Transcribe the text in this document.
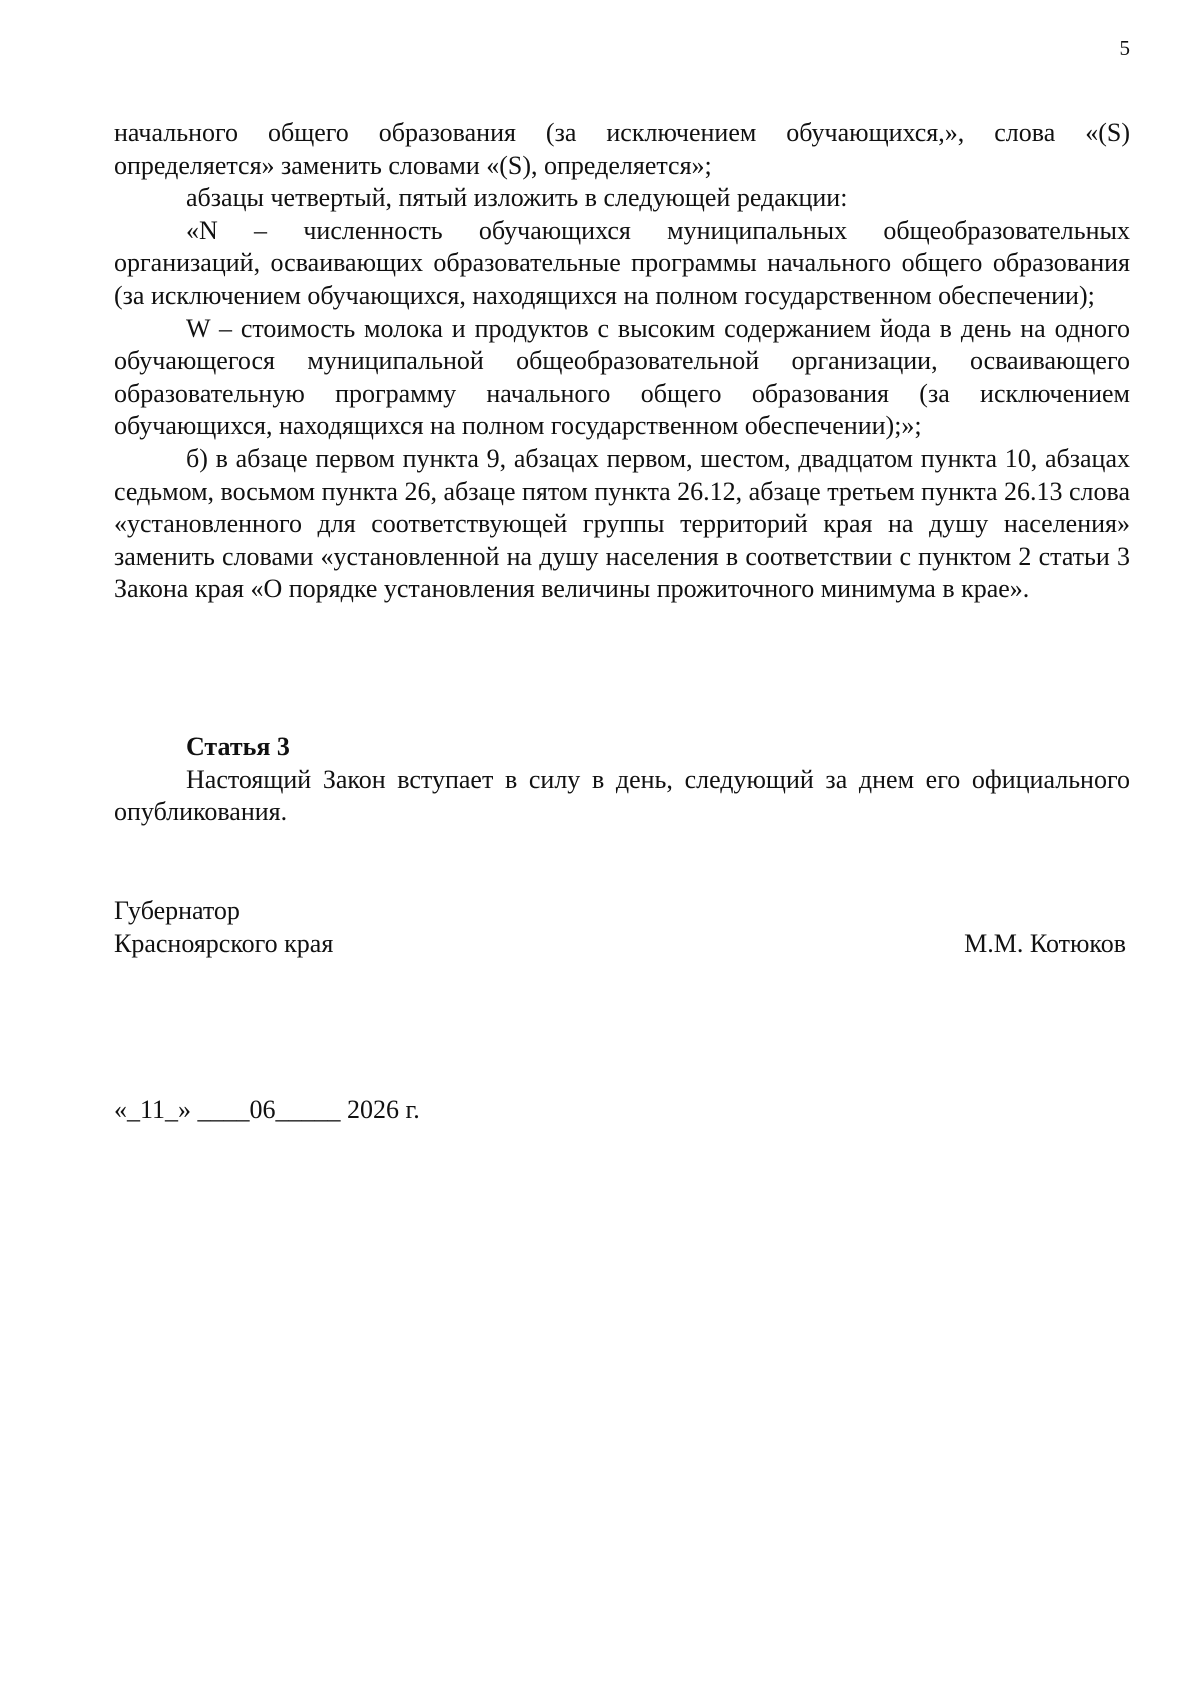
5

начального общего образования (за исключением обучающихся,», слова «(S) определяется» заменить словами «(S), определяется»;

абзацы четвертый, пятый изложить в следующей редакции:

«N – численность обучающихся муниципальных общеобразовательных организаций, осваивающих образовательные программы начального общего образования (за исключением обучающихся, находящихся на полном государственном обеспечении);

W – стоимость молока и продуктов с высоким содержанием йода в день на одного обучающегося муниципальной общеобразовательной организации, осваивающего образовательную программу начального общего образования (за исключением обучающихся, находящихся на полном государственном обеспечении);»;

б) в абзаце первом пункта 9, абзацах первом, шестом, двадцатом пункта 10, абзацах седьмом, восьмом пункта 26, абзаце пятом пункта 26.12, абзаце третьем пункта 26.13 слова «установленного для соответствующей группы территорий края на душу населения» заменить словами «установленной на душу населения в соответствии с пунктом 2 статьи 3 Закона края «О порядке установления величины прожиточного минимума в крае».

Статья 3

Настоящий Закон вступает в силу в день, следующий за днем его официального опубликования.

Губернатор
Красноярского края	М.М. Котюков
«_11_» ____06_____ 2026 г.
